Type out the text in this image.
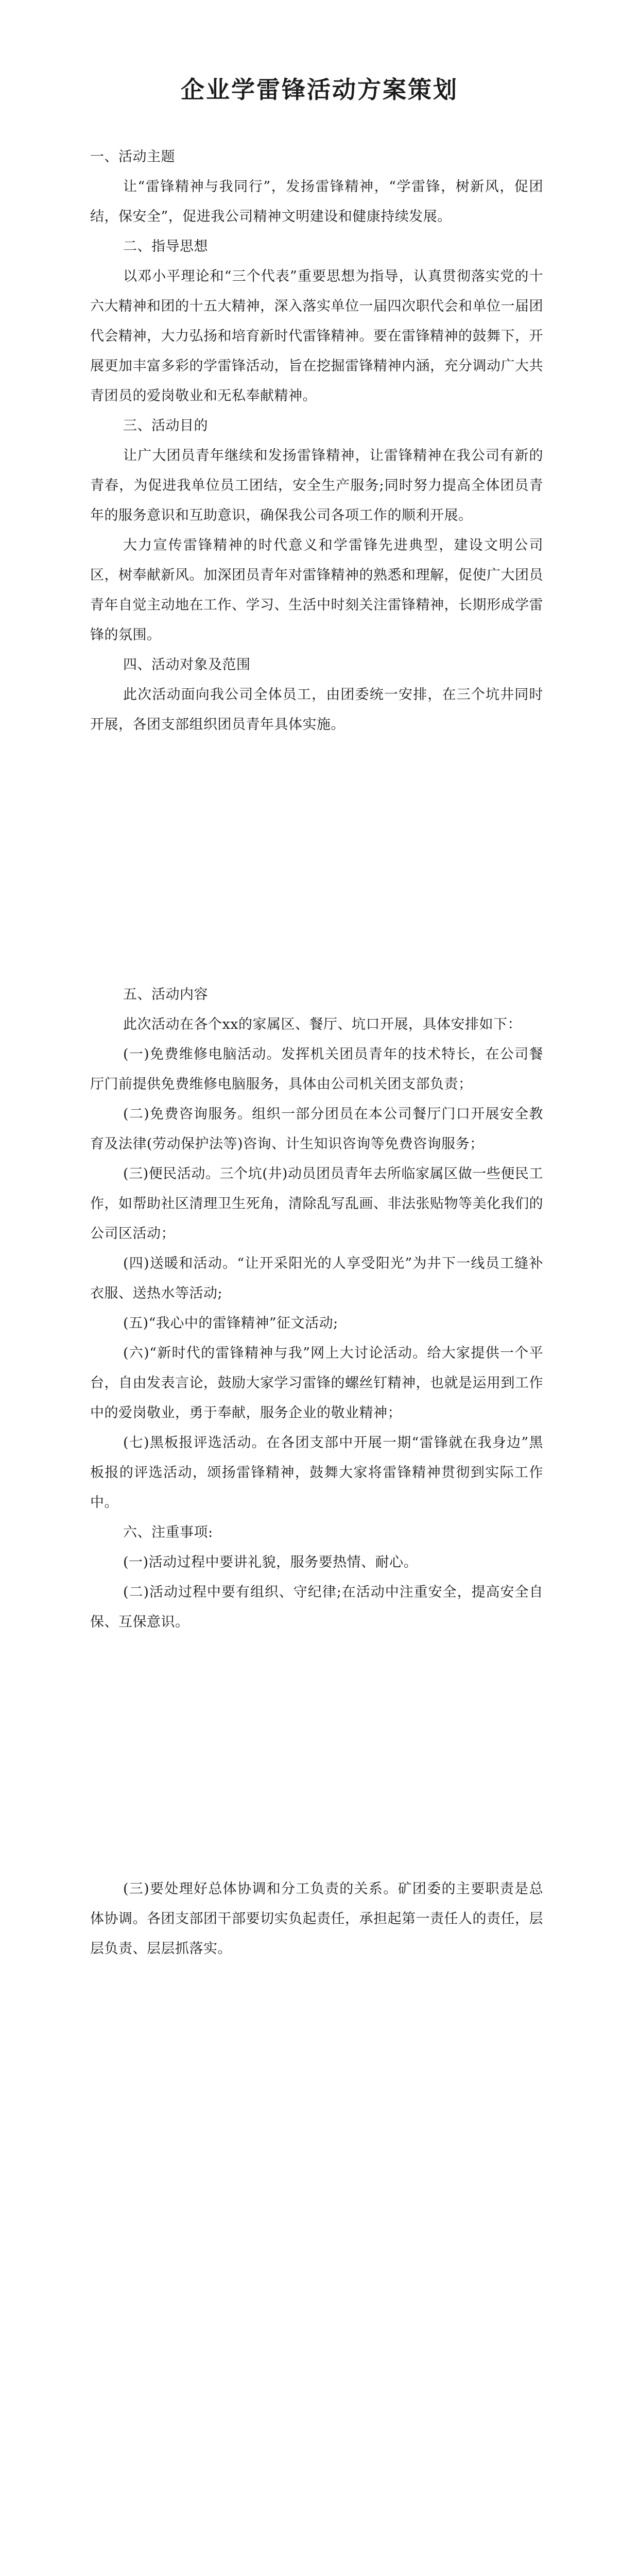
企业学雷锋活动方案策划

一、活动主题

让“雷锋精神与我同行”，发扬雷锋精神，“学雷锋，树新风，促团结，保安全”，促进我公司精神文明建设和健康持续发展。

二、指导思想

以邓小平理论和“三个代表”重要思想为指导，认真贯彻落实党的十六大精神和团的十五大精神，深入落实单位一届四次职代会和单位一届团代会精神，大力弘扬和培育新时代雷锋精神。要在雷锋精神的鼓舞下，开展更加丰富多彩的学雷锋活动，旨在挖掘雷锋精神内涵，充分调动广大共青团员的爱岗敬业和无私奉献精神。

三、活动目的

让广大团员青年继续和发扬雷锋精神，让雷锋精神在我公司有新的青春，为促进我单位员工团结，安全生产服务;同时努力提高全体团员青年的服务意识和互助意识，确保我公司各项工作的顺利开展。

大力宣传雷锋精神的时代意义和学雷锋先进典型，建设文明公司区，树奉献新风。加深团员青年对雷锋精神的熟悉和理解，促使广大团员青年自觉主动地在工作、学习、生活中时刻关注雷锋精神，长期形成学雷锋的氛围。

四、活动对象及范围

此次活动面向我公司全体员工，由团委统一安排，在三个坑井同时开展，各团支部组织团员青年具体实施。

五、活动内容

此次活动在各个xx的家属区、餐厅、坑口开展，具体安排如下：

(一)免费维修电脑活动。发挥机关团员青年的技术特长，在公司餐厅门前提供免费维修电脑服务，具体由公司机关团支部负责；

(二)免费咨询服务。组织一部分团员在本公司餐厅门口开展安全教育及法律(劳动保护法等)咨询、计生知识咨询等免费咨询服务；

(三)便民活动。三个坑(井)动员团员青年去所临家属区做一些便民工作，如帮助社区清理卫生死角，清除乱写乱画、非法张贴物等美化我们的公司区活动；

(四)送暖和活动。“让开采阳光的人享受阳光”为井下一线员工缝补衣服、送热水等活动;

(五)“我心中的雷锋精神”征文活动;

(六)“新时代的雷锋精神与我”网上大讨论活动。给大家提供一个平台，自由发表言论，鼓励大家学习雷锋的螺丝钉精神，也就是运用到工作中的爱岗敬业，勇于奉献，服务企业的敬业精神；

(七)黑板报评选活动。在各团支部中开展一期“雷锋就在我身边”黑板报的评选活动，颂扬雷锋精神，鼓舞大家将雷锋精神贯彻到实际工作中。

六、注重事项:

(一)活动过程中要讲礼貌，服务要热情、耐心。

(二)活动过程中要有组织、守纪律;在活动中注重安全，提高安全自保、互保意识。

(三)要处理好总体协调和分工负责的关系。矿团委的主要职责是总体协调。各团支部团干部要切实负起责任，承担起第一责任人的责任，层层负责、层层抓落实。
